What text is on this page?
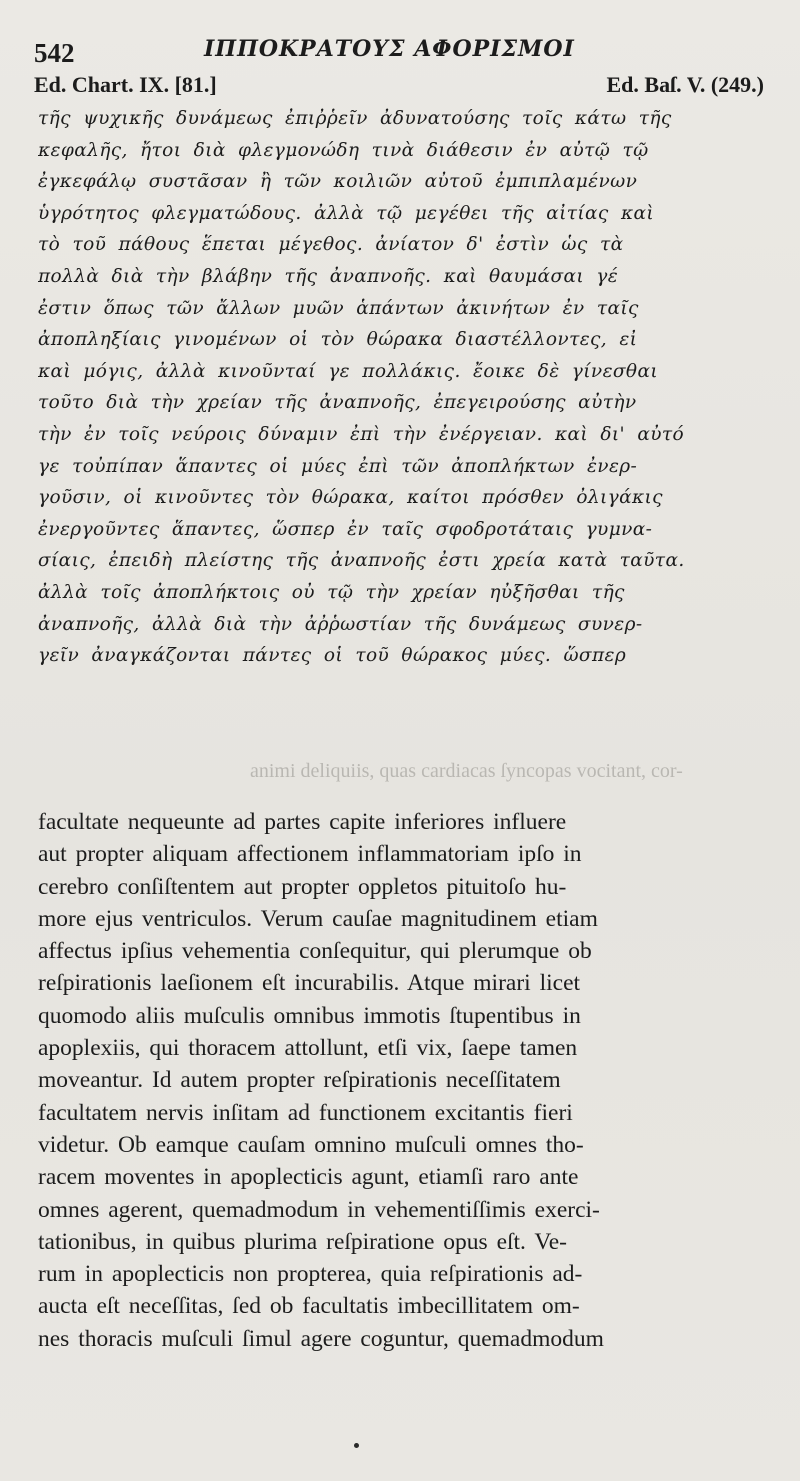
542	ΙΠΠΟΚΡΑΤΟΥΣ ΑΦΟΡΙΣΜΟΙ
Ed. Chart. IX. [81.]	Ed. Baſ. V. (249.)
τῆς ψυχικῆς δυνάμεως ἐπιῤῥεῖν ἀδυνατούσης τοῖς κάτω τῆς
κεφαλῆς, ἤτοι διὰ φλεγμονώδη τινὰ διάθεσιν ἐν αὐτῷ τῷ
ἐγκεφάλῳ συστᾶσαν ἢ τῶν κοιλιῶν αὐτοῦ ἐμπιπλαμένων
ὑγρότητος φλεγματώδους. ἀλλὰ τῷ μεγέθει τῆς αἰτίας καὶ
τὸ τοῦ πάθους ἕπεται μέγεθος. ἀνίατον δ' ἐστὶν ὡς τὰ
πολλὰ διὰ τὴν βλάβην τῆς ἀναπνοῆς. καὶ θαυμάσαι γέ
ἐστιν ὅπως τῶν ἄλλων μυῶν ἁπάντων ἀκινήτων ἐν ταῖς
ἀποπληξίαις γινομένων οἱ τὸν θώρακα διαστέλλοντες, εἰ
καὶ μόγις, ἀλλὰ κινοῦνταί γε πολλάκις. ἔοικε δὲ γίνεσθαι
τοῦτο διὰ τὴν χρείαν τῆς ἀναπνοῆς, ἐπεγειρούσης αὐτὴν
τὴν ἐν τοῖς νεύροις δύναμιν ἐπὶ τὴν ἐνέργειαν. καὶ δι' αὐτό
γε τοὐπίπαν ἅπαντες οἱ μύες ἐπὶ τῶν ἀποπλήκτων ἐνερ-
γοῦσιν, οἱ κινοῦντες τὸν θώρακα, καίτοι πρόσθεν ὀλιγάκις
ἐνεργοῦντες ἅπαντες, ὥσπερ ἐν ταῖς σφοδροτάταις γυμνα-
σίαις, ἐπειδὴ πλείστης τῆς ἀναπνοῆς ἐστι χρεία κατὰ ταῦτα.
ἀλλὰ τοῖς ἀποπλήκτοις οὐ τῷ τὴν χρείαν ηὐξῆσθαι τῆς
ἀναπνοῆς, ἀλλὰ διὰ τὴν ἀῤῥωστίαν τῆς δυνάμεως συνερ-
γεῖν ἀναγκάζονται πάντες οἱ τοῦ θώρακος μύες. ὥσπερ
animi deliquiis, quas cardiacas ſyncopas vocitant, cor-
facultate nequeunte ad partes capite inferiores influere
aut propter aliquam affectionem inflammatoriam ipſo in
cerebro conſiſtentem aut propter oppletos pituitoſo hu-
more ejus ventriculos. Verum cauſae magnitudinem etiam
affectus ipſius vehementia conſequitur, qui plerumque ob
reſpirationis laeſionem eſt incurabilis. Atque mirari licet
quomodo aliis muſculis omnibus immotis ſtupentibus in
apoplexiis, qui thoracem attollunt, etſi vix, ſaepe tamen
moveantur. Id autem propter reſpirationis neceſſitatem
facultatem nervis inſitam ad functionem excitantis fieri
videtur. Ob eamque cauſam omnino muſculi omnes tho-
racem moventes in apoplecticis agunt, etiamſi raro ante
omnes agerent, quemadmodum in vehementiſſimis exerci-
tationibus, in quibus plurima reſpiratione opus eſt. Ve-
rum in apoplecticis non propterea, quia reſpirationis ad-
aucta eſt neceſſitas, ſed ob facultatis imbecillitatem om-
nes thoracis muſculi ſimul agere coguntur, quemadmodum
